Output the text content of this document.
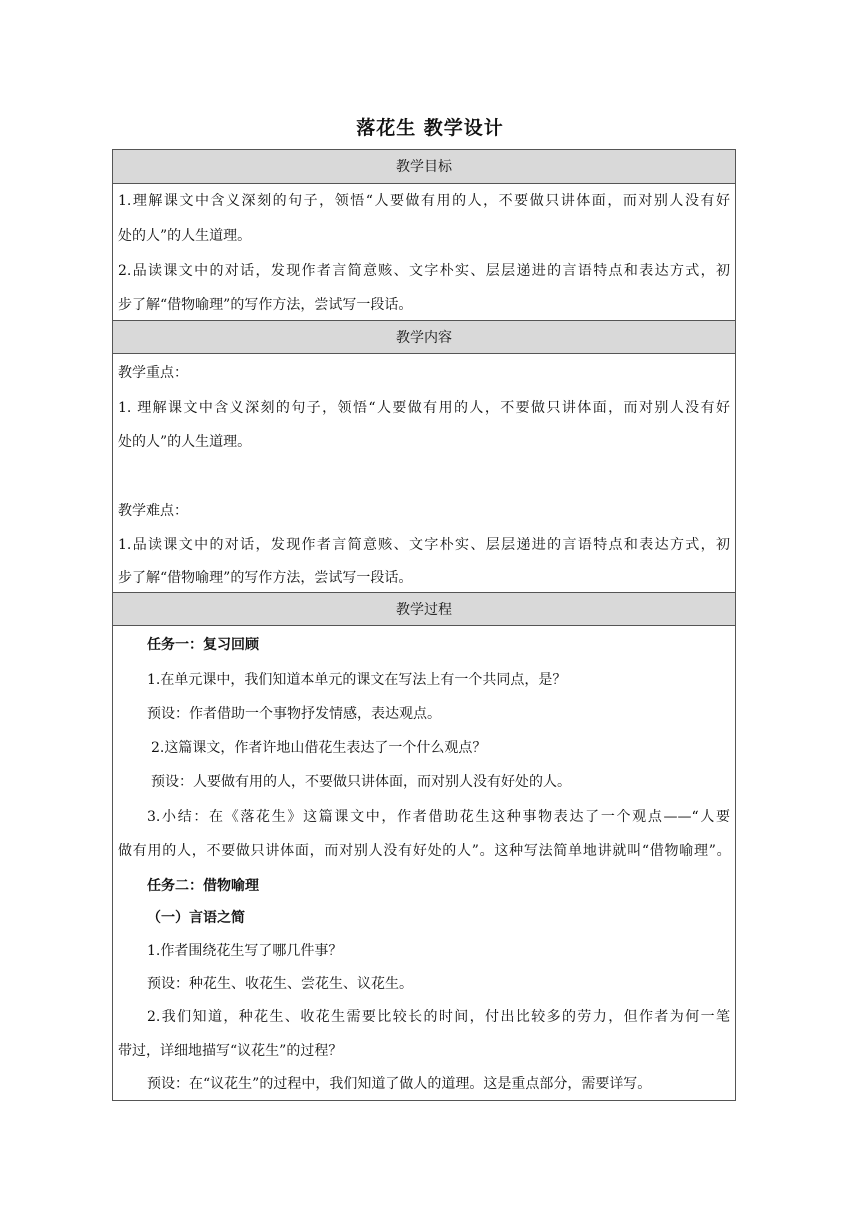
落花生 教学设计
教学目标
1.理解课文中含义深刻的句子，领悟“人要做有用的人，不要做只讲体面，而对别人没有好
处的人”的人生道理。
2.品读课文中的对话，发现作者言简意赅、文字朴实、层层递进的言语特点和表达方式，初
步了解“借物喻理”的写作方法，尝试写一段话。
教学内容
教学重点：
1. 理解课文中含义深刻的句子，领悟“人要做有用的人，不要做只讲体面，而对别人没有好
处的人”的人生道理。
教学难点：
1.品读课文中的对话，发现作者言简意赅、文字朴实、层层递进的言语特点和表达方式，初
步了解“借物喻理”的写作方法，尝试写一段话。
教学过程
任务一：复习回顾
1.在单元课中，我们知道本单元的课文在写法上有一个共同点，是？
预设：作者借助一个事物抒发情感，表达观点。
2.这篇课文，作者许地山借花生表达了一个什么观点？
预设：人要做有用的人，不要做只讲体面，而对别人没有好处的人。
3.小结：在《落花生》这篇课文中，作者借助花生这种事物表达了一个观点——“人要
做有用的人，不要做只讲体面，而对别人没有好处的人”。这种写法简单地讲就叫“借物喻理”。
任务二：借物喻理
（一）言语之简
1.作者围绕花生写了哪几件事？
预设：种花生、收花生、尝花生、议花生。
2.我们知道，种花生、收花生需要比较长的时间，付出比较多的劳力，但作者为何一笔
带过，详细地描写“议花生”的过程？
预设：在“议花生”的过程中，我们知道了做人的道理。这是重点部分，需要详写。
